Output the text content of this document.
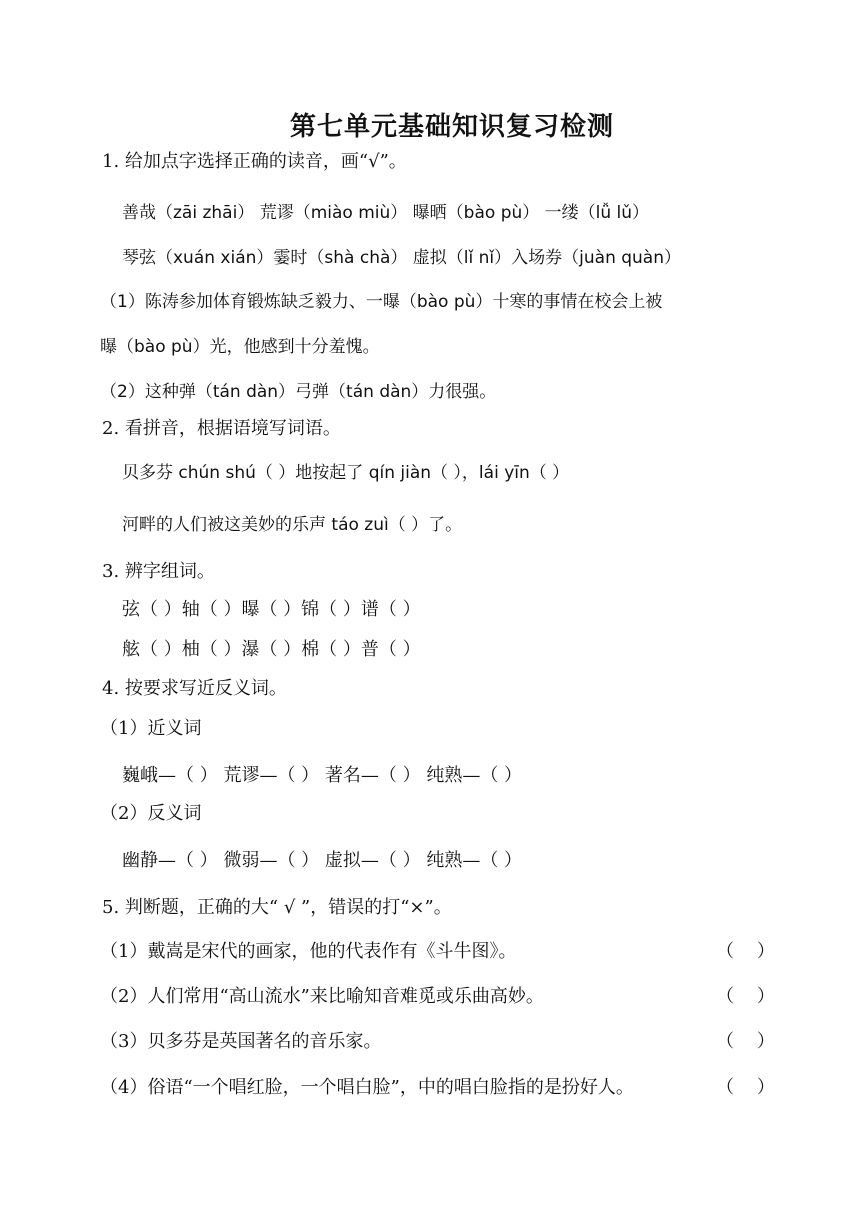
第七单元基础知识复习检测
1. 给加点字选择正确的读音，画“√”。
善哉（zāi zhāi） 荒谬（miào miù） 曝晒（bào pù） 一缕（lǚ lǔ）
琴弦（xuán xián）霎时（shà chà） 虚拟（lǐ nǐ）入场券（juàn quàn）
（1）陈涛参加体育锻炼缺乏毅力、一曝（bào pù）十寒的事情在校会上被
曝（bào pù）光，他感到十分羞愧。
（2）这种弹（tán dàn）弓弹（tán dàn）力很强。
2. 看拼音，根据语境写词语。
贝多芬 chún shú（ ）地按起了 qín jiàn（ ），lái yīn（ ）
河畔的人们被这美妙的乐声 táo zuì（ ）了。
3. 辨字组词。
弦（ ）轴（ ）曝（ ）锦（ ）谱（ ）
舷（ ）柚（ ）瀑（ ）棉（ ）普（ ）
4. 按要求写近反义词。
（1）近义词
巍峨—（ ） 荒谬—（ ） 著名—（ ） 纯熟—（ ）
（2）反义词
幽静—（ ） 微弱—（ ） 虚拟—（ ） 纯熟—（ ）
5. 判断题，正确的大“ √ ”，错误的打“×”。
（1）戴嵩是宋代的画家，他的代表作有《斗牛图》。	（    ）
（2）人们常用“高山流水”来比喻知音难觅或乐曲高妙。	（    ）
（3）贝多芬是英国著名的音乐家。	（    ）
（4）俗语“一个唱红脸，一个唱白脸”，中的唱白脸指的是扮好人。	（    ）
